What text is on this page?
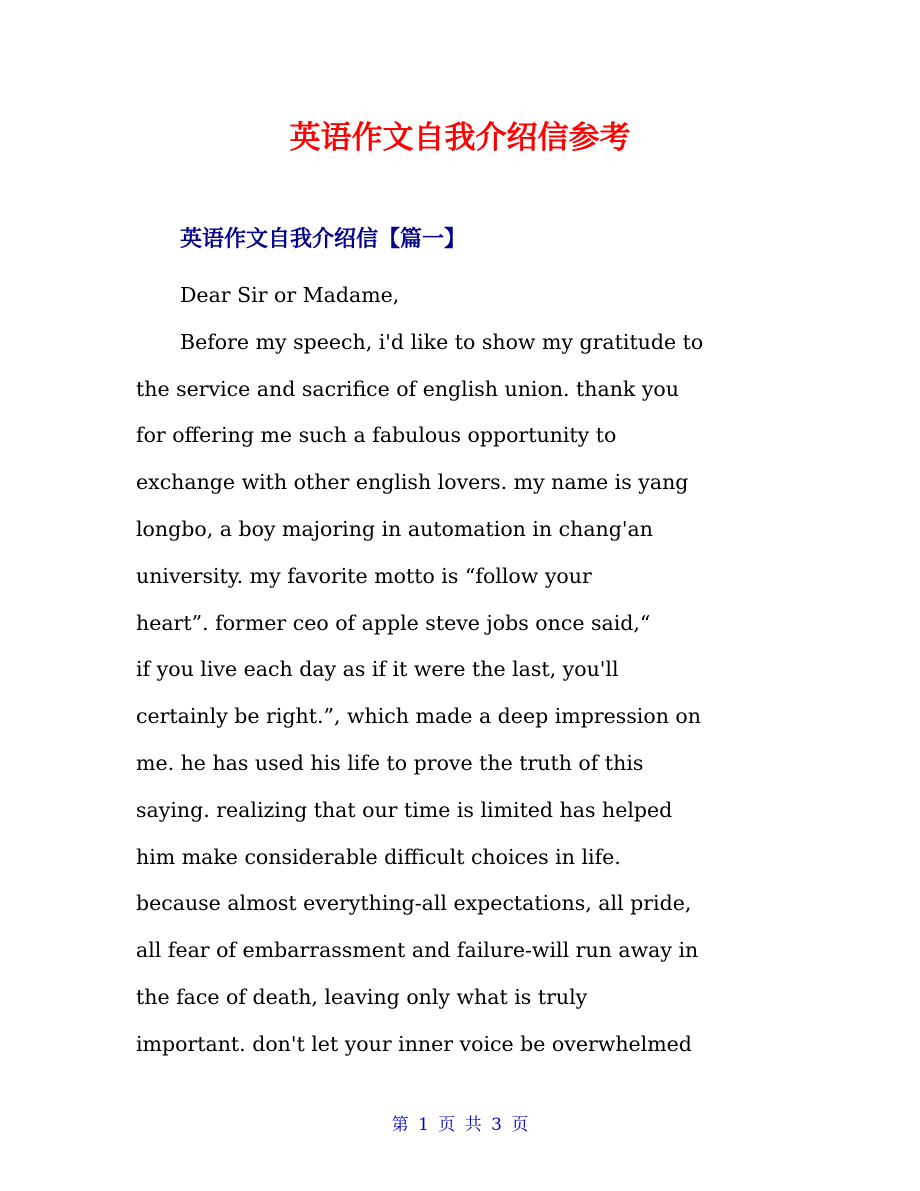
英语作文自我介绍信参考
英语作文自我介绍信【篇一】
Dear Sir or Madame,
Before my speech, i'd like to show my gratitude to
the service and sacrifice of english union. thank you
for offering me such a fabulous opportunity to
exchange with other english lovers. my name is yang
longbo, a boy majoring in automation in chang'an
university. my favorite motto is “follow your
heart”. former ceo of apple steve jobs once said,“
if you live each day as if it were the last, you'll
certainly be right.”, which made a deep impression on
me. he has used his life to prove the truth of this
saying. realizing that our time is limited has helped
him make considerable difficult choices in life.
because almost everything-all expectations, all pride,
all fear of embarrassment and failure-will run away in
the face of death, leaving only what is truly
important. don't let your inner voice be overwhelmed
第 1 页 共 3 页
